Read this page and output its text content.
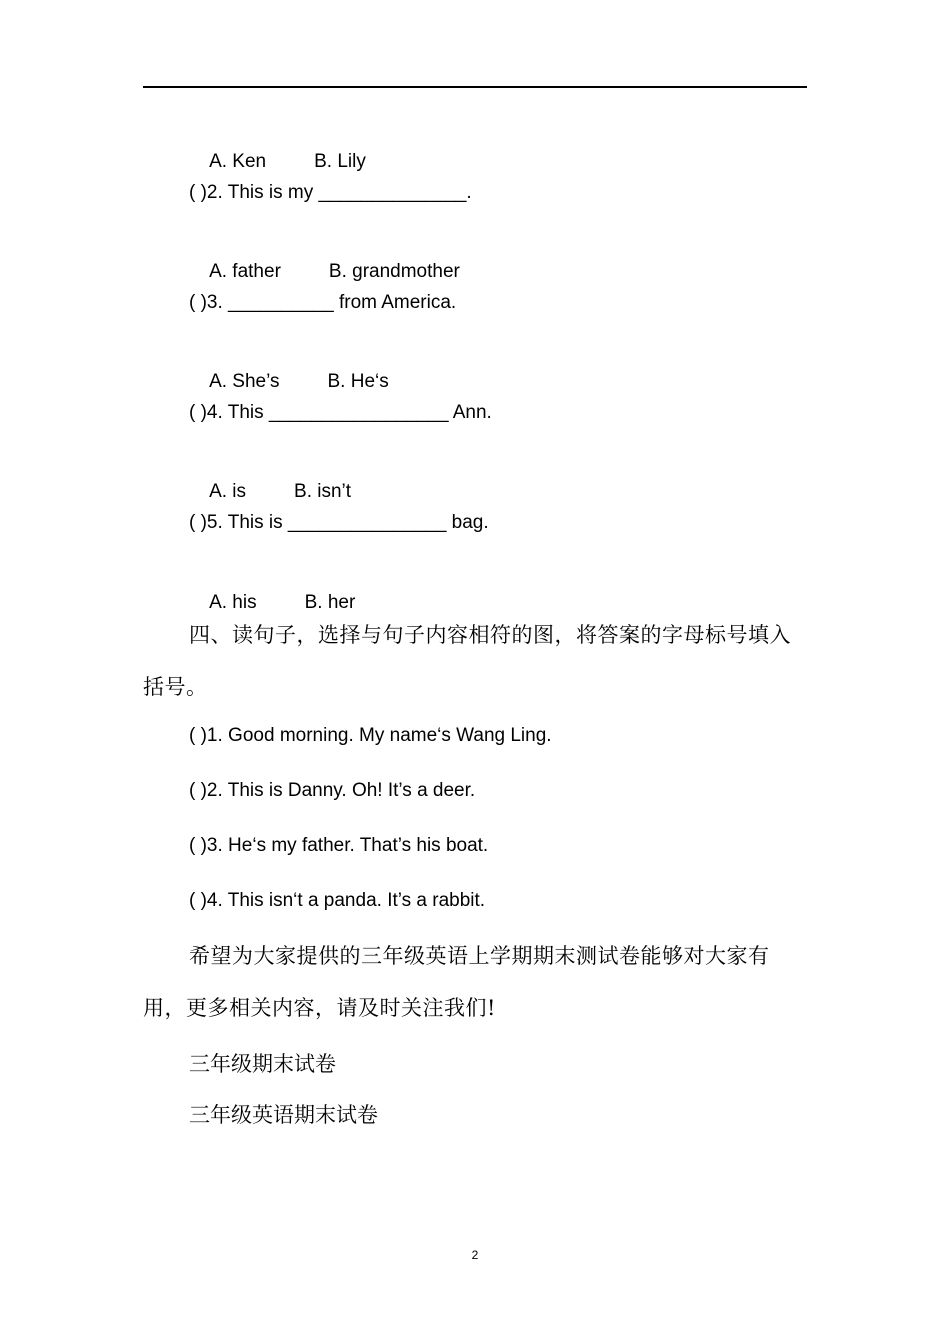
A. Ken	B. Lily

( )2. This is my ______________.

A. father	B. grandmother

( )3. __________ from America.

A. She’s	B. He‘s

( )4. This _________________ Ann.

A. is	B. isn’t

( )5. This is _______________ bag.

A. his	B. her

四、读句子，选择与句子内容相符的图，将答案的字母标号填入括号。
( )1. Good morning. My name‘s Wang Ling.
( )2. This is Danny. Oh! It’s a deer.
( )3. He‘s my father. That’s his boat.
( )4. This isn‘t a panda. It’s a rabbit.
希望为大家提供的三年级英语上学期期末测试卷能够对大家有用，更多相关内容，请及时关注我们!
三年级期末试卷
三年级英语期末试卷
2
